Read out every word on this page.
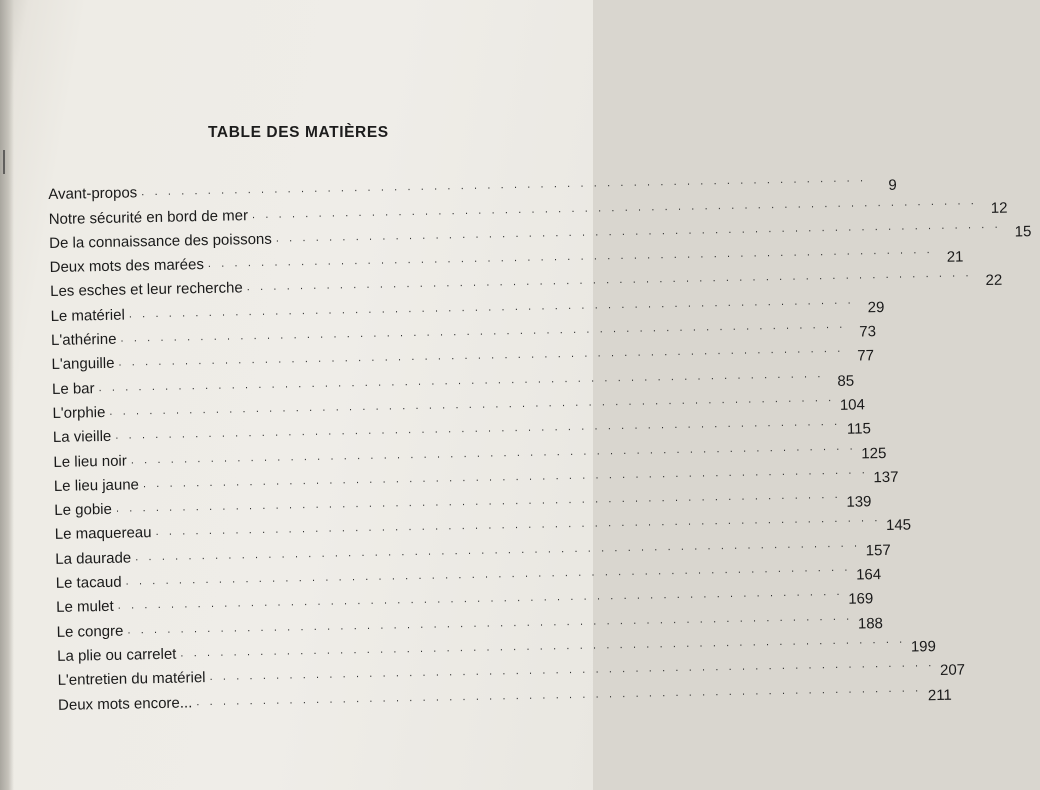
TABLE DES MATIÈRES
Avant-propos . . . . . . . . . . . . . . . . . . . . . . . . . . . . . . . . . . . . . . . . . . . . . . . . . . . . . . .	9
Notre sécurité en bord de mer . . . . . . . . . . . . . . . . . . . . . . . . . . . . . . . . . . . . . . . . . . . . . . . . . . . . . . . 12
De la connaissance des poissons . . . . . . . . . . . . . . . . . . . . . . . . . . . . . . . . . . . . . . . . . . . . . . . . . . . . . . . 15
Deux mots des marées . . . . . . . . . . . . . . . . . . . . . . . . . . . . . . . . . . . . . . . . . . . . . . . . . . . . . . . 21
Les esches et leur recherche . . . . . . . . . . . . . . . . . . . . . . . . . . . . . . . . . . . . . . . . . . . . . . . . . . . . . . . 22
Le matériel . . . . . . . . . . . . . . . . . . . . . . . . . . . . . . . . . . . . . . . . . . . . . . . . . . . . . . . 29
L'athérine . . . . . . . . . . . . . . . . . . . . . . . . . . . . . . . . . . . . . . . . . . . . . . . . . . . . . . . 73
L'anguille . . . . . . . . . . . . . . . . . . . . . . . . . . . . . . . . . . . . . . . . . . . . . . . . . . . . . . . 77
Le bar . . . . . . . . . . . . . . . . . . . . . . . . . . . . . . . . . . . . . . . . . . . . . . . . . . . . . . . 85
L'orphie . . . . . . . . . . . . . . . . . . . . . . . . . . . . . . . . . . . . . . . . . . . . . . . . . . . . . . . 104
La vieille . . . . . . . . . . . . . . . . . . . . . . . . . . . . . . . . . . . . . . . . . . . . . . . . . . . . . . . 115
Le lieu noir . . . . . . . . . . . . . . . . . . . . . . . . . . . . . . . . . . . . . . . . . . . . . . . . . . . . . . . 125
Le lieu jaune . . . . . . . . . . . . . . . . . . . . . . . . . . . . . . . . . . . . . . . . . . . . . . . . . . . . . . . 137
Le gobie . . . . . . . . . . . . . . . . . . . . . . . . . . . . . . . . . . . . . . . . . . . . . . . . . . . . . . . 139
Le maquereau . . . . . . . . . . . . . . . . . . . . . . . . . . . . . . . . . . . . . . . . . . . . . . . . . . . . . . . 145
La daurade . . . . . . . . . . . . . . . . . . . . . . . . . . . . . . . . . . . . . . . . . . . . . . . . . . . . . . . 157
Le tacaud . . . . . . . . . . . . . . . . . . . . . . . . . . . . . . . . . . . . . . . . . . . . . . . . . . . . . . . 164
Le mulet . . . . . . . . . . . . . . . . . . . . . . . . . . . . . . . . . . . . . . . . . . . . . . . . . . . . . . . 169
Le congre . . . . . . . . . . . . . . . . . . . . . . . . . . . . . . . . . . . . . . . . . . . . . . . . . . . . . . . 188
La plie ou carrelet . . . . . . . . . . . . . . . . . . . . . . . . . . . . . . . . . . . . . . . . . . . . . . . . . . . . . . . 199
L'entretien du matériel . . . . . . . . . . . . . . . . . . . . . . . . . . . . . . . . . . . . . . . . . . . . . . . . . . . . . . . 207
Deux mots encore... . . . . . . . . . . . . . . . . . . . . . . . . . . . . . . . . . . . . . . . . . . . . . . . . . . . . . . . 211
